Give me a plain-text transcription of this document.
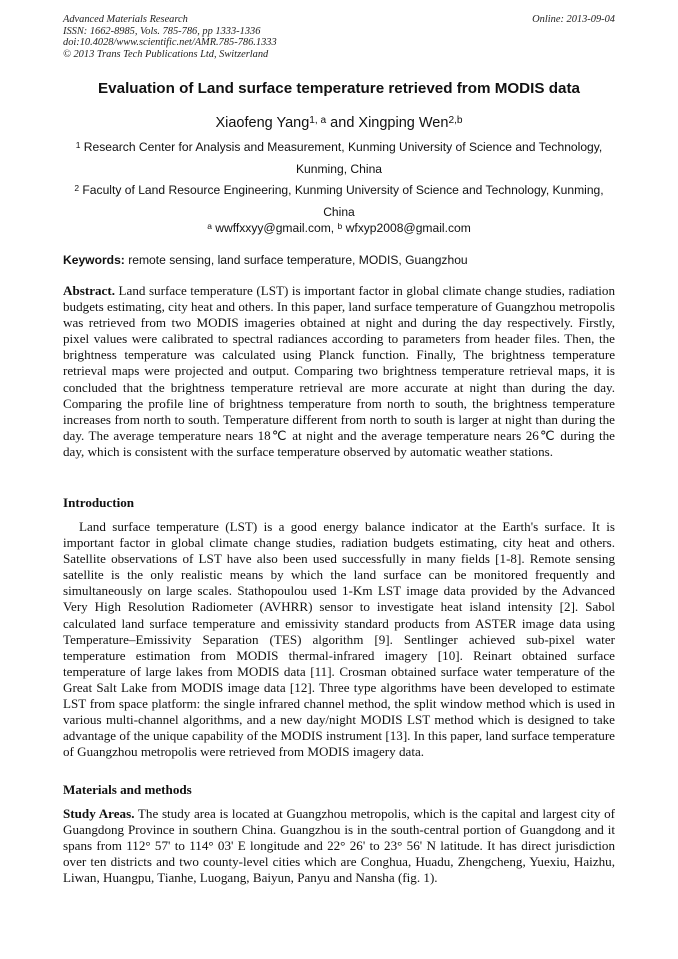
Advanced Materials Research
ISSN: 1662-8985, Vols. 785-786, pp 1333-1336
doi:10.4028/www.scientific.net/AMR.785-786.1333
© 2013 Trans Tech Publications Ltd, Switzerland
Online: 2013-09-04
Evaluation of Land surface temperature retrieved from MODIS data
Xiaofeng Yang$^{1, a}$ and Xingping Wen$^{2,b}$
$^1$ Research Center for Analysis and Measurement, Kunming University of Science and Technology, Kunming, China
$^2$ Faculty of Land Resource Engineering, Kunming University of Science and Technology, Kunming, China
$^a$ wwffxxyy@gmail.com, $^b$ wfxyp2008@gmail.com
Keywords: remote sensing, land surface temperature, MODIS, Guangzhou
Abstract. Land surface temperature (LST) is important factor in global climate change studies, radiation budgets estimating, city heat and others. In this paper, land surface temperature of Guangzhou metropolis was retrieved from two MODIS imageries obtained at night and during the day respectively. Firstly, pixel values were calibrated to spectral radiances according to parameters from header files. Then, the brightness temperature was calculated using Planck function. Finally, The brightness temperature retrieval maps were projected and output. Comparing two brightness temperature retrieval maps, it is concluded that the brightness temperature retrieval are more accurate at night than during the day. Comparing the profile line of brightness temperature from north to south, the brightness temperature increases from north to south. Temperature different from north to south is larger at night than during the day. The average temperature nears 18℃ at night and the average temperature nears 26℃ during the day, which is consistent with the surface temperature observed by automatic weather stations.
Introduction
Land surface temperature (LST) is a good energy balance indicator at the Earth's surface. It is important factor in global climate change studies, radiation budgets estimating, city heat and others. Satellite observations of LST have also been used successfully in many fields [1-8]. Remote sensing satellite is the only realistic means by which the land surface can be monitored frequently and simultaneously on large scales. Stathopoulou used 1-Km LST image data provided by the Advanced Very High Resolution Radiometer (AVHRR) sensor to investigate heat island intensity [2]. Sabol calculated land surface temperature and emissivity standard products from ASTER image data using Temperature–Emissivity Separation (TES) algorithm [9]. Sentlinger achieved sub-pixel water temperature estimation from MODIS thermal-infrared imagery [10]. Reinart obtained surface temperature of large lakes from MODIS data [11]. Crosman obtained surface water temperature of the Great Salt Lake from MODIS image data [12]. Three type algorithms have been developed to estimate LST from space platform: the single infrared channel method, the split window method which is used in various multi-channel algorithms, and a new day/night MODIS LST method which is designed to take advantage of the unique capability of the MODIS instrument [13]. In this paper, land surface temperature of Guangzhou metropolis were retrieved from MODIS imagery data.
Materials and methods
Study Areas. The study area is located at Guangzhou metropolis, which is the capital and largest city of Guangdong Province in southern China. Guangzhou is in the south-central portion of Guangdong and it spans from 112° 57' to 114° 03' E longitude and 22° 26' to 23° 56' N latitude. It has direct jurisdiction over ten districts and two county-level cities which are Conghua, Huadu, Zhengcheng, Yuexiu, Haizhu, Liwan, Huangpu, Tianhe, Luogang, Baiyun, Panyu and Nansha (fig. 1).
